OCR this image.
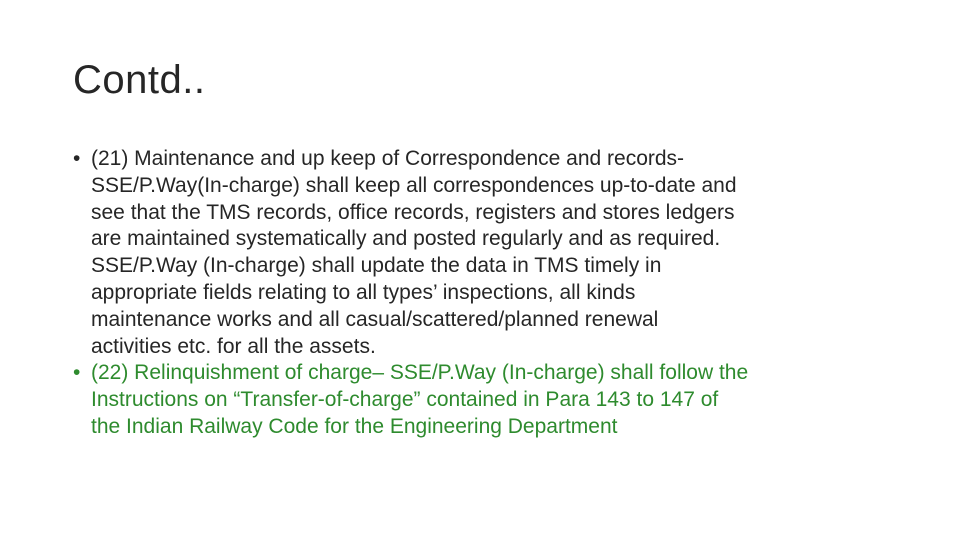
Contd..
• (21) Maintenance and up keep of Correspondence and records-
SSE/P.Way(In-charge) shall keep all correspondences up-to-date and
see that the TMS records, office records, registers and stores ledgers
are maintained systematically and posted regularly and as required.
SSE/P.Way (In-charge) shall update the data in TMS timely in
appropriate fields relating to all types’ inspections, all kinds
maintenance works and all casual/scattered/planned renewal
activities etc. for all the assets.
• (22) Relinquishment of charge– SSE/P.Way (In-charge) shall follow the
Instructions on “Transfer-of-charge” contained in Para 143 to 147 of
the Indian Railway Code for the Engineering Department
